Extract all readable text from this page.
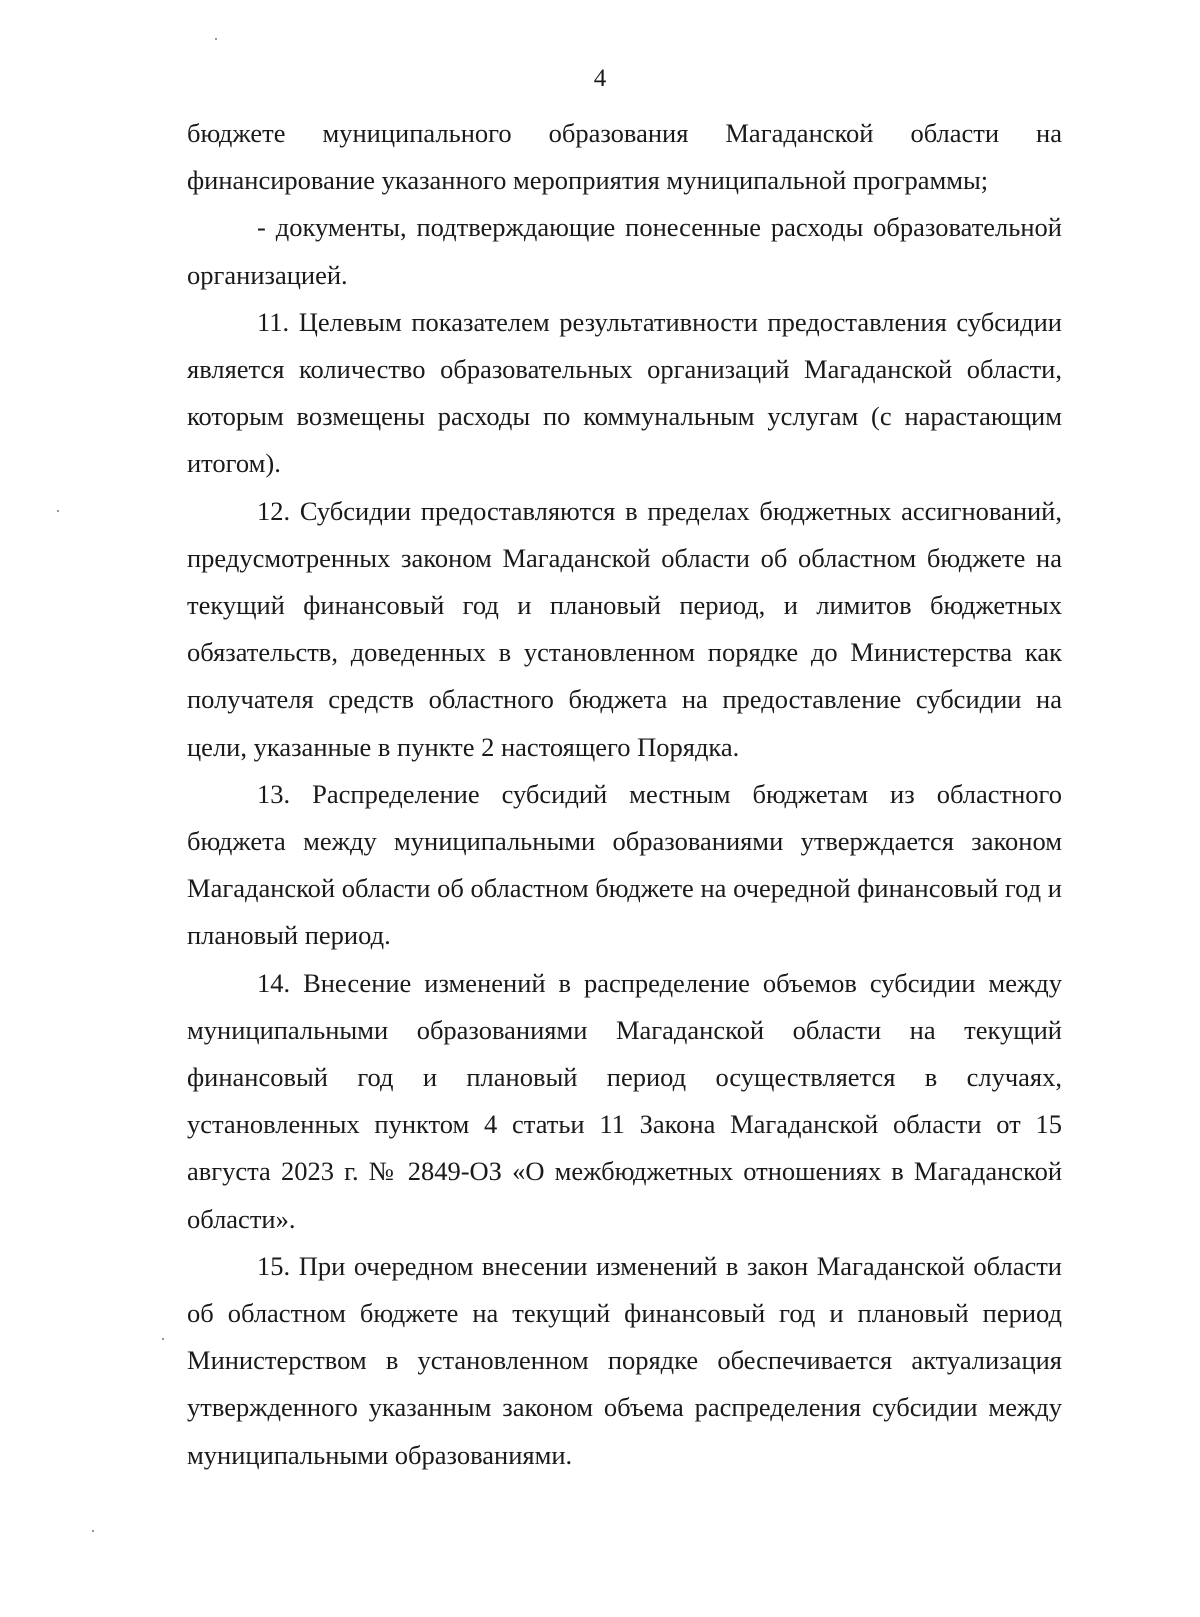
4

бюджете муниципального образования Магаданской области на финансирование указанного мероприятия муниципальной программы;

- документы, подтверждающие понесенные расходы образовательной организацией.

11. Целевым показателем результативности предоставления субсидии является количество образовательных организаций Магаданской области, которым возмещены расходы по коммунальным услугам (с нарастающим итогом).

12. Субсидии предоставляются в пределах бюджетных ассигнований, предусмотренных законом Магаданской области об областном бюджете на текущий финансовый год и плановый период, и лимитов бюджетных обязательств, доведенных в установленном порядке до Министерства как получателя средств областного бюджета на предоставление субсидии на цели, указанные в пункте 2 настоящего Порядка.

13. Распределение субсидий местным бюджетам из областного бюджета между муниципальными образованиями утверждается законом Магаданской области об областном бюджете на очередной финансовый год и плановый период.

14. Внесение изменений в распределение объемов субсидии между муниципальными образованиями Магаданской области на текущий финансовый год и плановый период осуществляется в случаях, установленных пунктом 4 статьи 11 Закона Магаданской области от 15 августа 2023 г. № 2849-ОЗ «О межбюджетных отношениях в Магаданской области».

15. При очередном внесении изменений в закон Магаданской области об областном бюджете на текущий финансовый год и плановый период Министерством в установленном порядке обеспечивается актуализация утвержденного указанным законом объема распределения субсидии между муниципальными образованиями.
